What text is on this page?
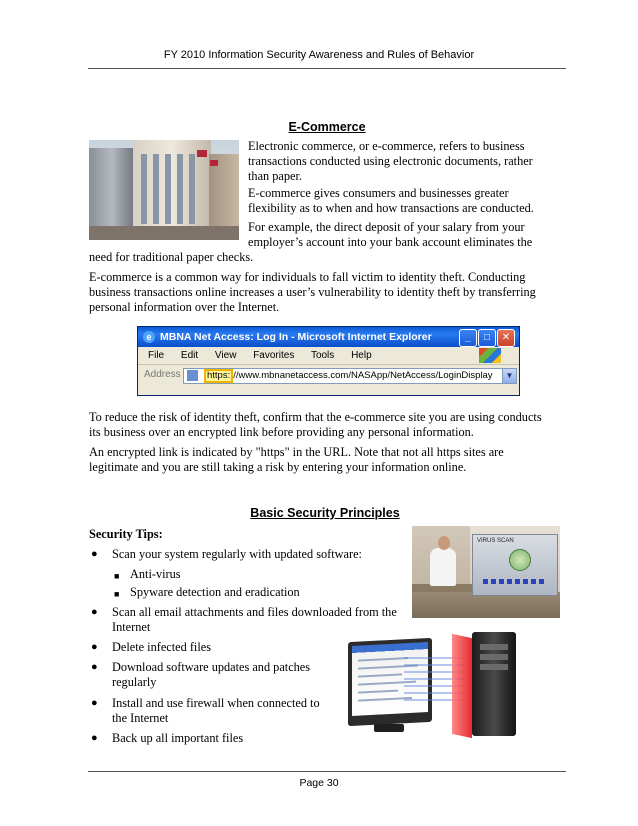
FY 2010 Information Security Awareness and Rules of Behavior
E-Commerce
Electronic commerce, or e-commerce, refers to business
transactions conducted using electronic documents, rather
than paper.
E-commerce gives consumers and businesses greater
flexibility as to when and how transactions are conducted.
For example, the direct deposit of your salary from your
employer’s account into your bank account eliminates the
need for traditional paper checks.
E-commerce is a common way for individuals to fall victim to identity theft. Conducting
business transactions online increases a user’s vulnerability to identity theft by transferring
personal information over the Internet.
e MBNA Net Access: Log In - Microsoft Internet Explorer	_	□	✕
File Edit View Favorites Tools Help
Address	https: //www.mbnanetaccess.com/NASApp/NetAccess/LoginDisplay	▼
To reduce the risk of identity theft, confirm that the e-commerce site you are using conducts
its business over an encrypted link before providing any personal information.
An encrypted link is indicated by "https" in the URL. Note that not all https sites are
legitimate and you are still taking a risk by entering your information online.
Basic Security Principles
Security Tips:	VIRUS SCAN
● Scan your system regularly with updated software:
■ Anti-virus
■ Spyware detection and eradication
● Scan all email attachments and files downloaded from the
Internet
● Delete infected files
● Download software updates and patches
regularly
● Install and use firewall when connected to
the Internet
● Back up all important files
Page 30
